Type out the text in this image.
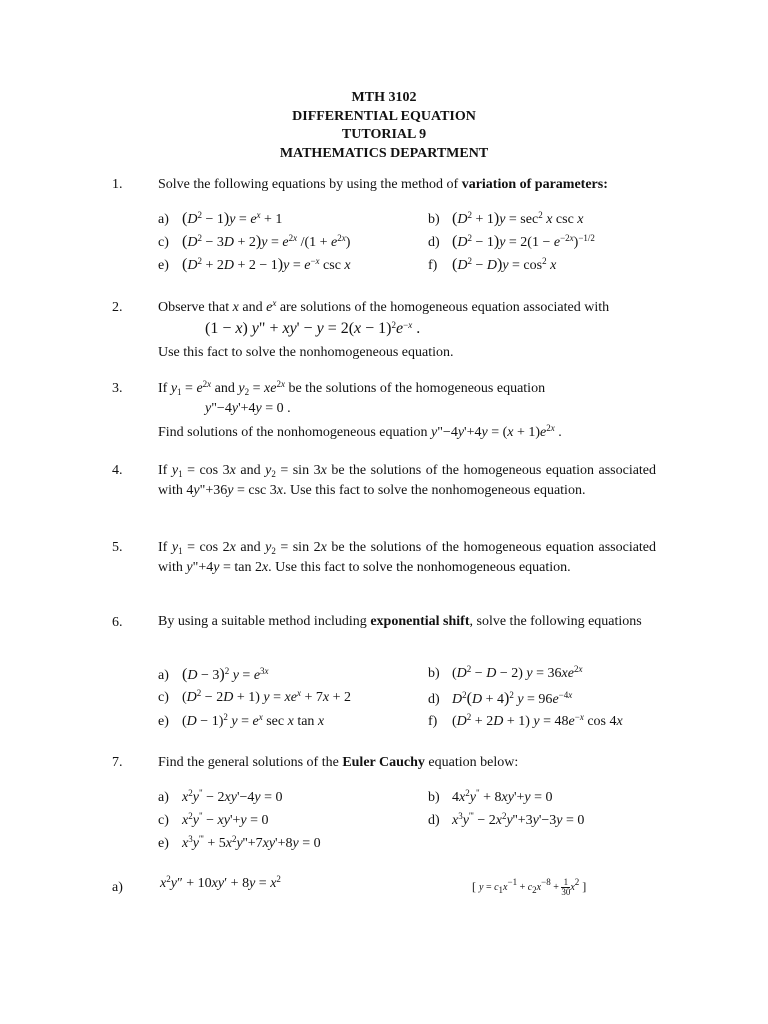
MTH 3102
DIFFERENTIAL EQUATION
TUTORIAL 9
MATHEMATICS DEPARTMENT
1.	Solve the following equations by using the method of variation of parameters:
a) $(D^2 - 1)y = e^x + 1$	b) $(D^2 + 1)y = \sec^2 x$ csc x
c) $(D^2 - 3D + 2)y = e^{2x}$ $/(1 + e^{2x})$	d) $(D^2 - 1)y = 2(1 - e^{-2x})^{-1/2}$
e) $(D^2 + 2D + 2 - 1)y = e^{-x}$ csc x	f) $(D^2 - D)y = \cos^2 x$
2.	Observe that x and $e^x$ are solutions of the homogeneous equation associated with
(1 − x) y" + $xy' - y = 2(x - 1)^2e^{-x}$ .
Use this fact to solve the nonhomogeneous equation.
3.	If $y_1 = e^{2x}$ and $y_2 = xe^{2x}$ be the solutions of the homogeneous equation
y"−4y'+4y = 0 .
Find solutions of the nonhomogeneous equation y"−4y'+4y = $(x + 1)e^{2x}$ .
4.	If $y_1 = \cos 3x$ and $y_2 = \sin 3x$ be the solutions of the homogeneous equation associated with 4y"+36y = csc 3x. Use this fact to solve the nonhomogeneous equation.
5.	If $y_1 = \cos 2x$ and $y_2 = \sin 2x$ be the solutions of the homogeneous equation associated with y"+4y = tan 2x. Use this fact to solve the nonhomogeneous equation.
6.	By using a suitable method including exponential shift, solve the following equations
a) $(D - 3)^2$ $y = e^{3x}$	b) $(D^2 - D - 2) y = 36xe^{2x}$
c) $(D^2 - 2D + 1) y = xe^x + 7x + 2$	d) $D^2(D + 4)^2$ $y = 96e^{-4x}$
e) $(D - 1)^2$ $y = e^x$ sec x tan x	f) $(D^2 + 2D + 1) y = 48e^{-x}$ cos 4x
7.	Find the general solutions of the Euler Cauchy equation below:
a) $x^2y^" - 2xy'-4y = 0$	b) $4x^2y^" + 8xy'+y = 0$
c) $x^2y^" - xy'+y = 0$	d) $x^3y''' - 2x^2y''+3y'-3y = 0$
e) $x^3y''' + 5x^2y''+7xy'+8y = 0$
a)	$x^2y'' + 10xy' + 8y = x^2$
[ $y = c_1x^{-1} + c_2x^{-8} + \frac{1}{30} x^2$ ]
